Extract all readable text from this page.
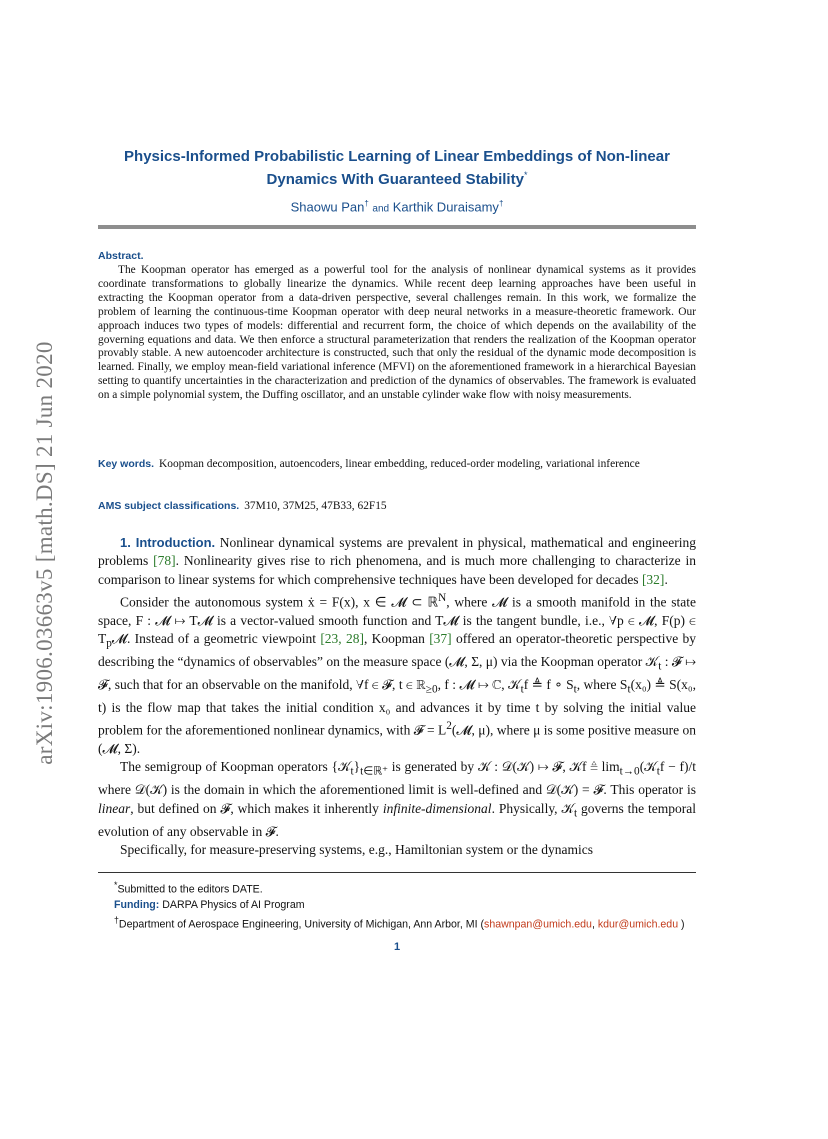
arXiv:1906.03663v5 [math.DS] 21 Jun 2020
Physics-Informed Probabilistic Learning of Linear Embeddings of Non-linear
Dynamics With Guaranteed Stability*
Shaowu Pan† and Karthik Duraisamy†
Abstract.

The Koopman operator has emerged as a powerful tool for the analysis of nonlinear dynamical systems as it provides coordinate transformations to globally linearize the dynamics. While recent deep learning approaches have been useful in extracting the Koopman operator from a data-driven perspective, several challenges remain. In this work, we formalize the problem of learning the continuous-time Koopman operator with deep neural networks in a measure-theoretic framework. Our approach induces two types of models: differential and recurrent form, the choice of which depends on the availability of the governing equations and data. We then enforce a structural parameterization that renders the realization of the Koopman operator provably stable. A new autoencoder architecture is constructed, such that only the residual of the dynamic mode decomposition is learned. Finally, we employ mean-field variational inference (MFVI) on the aforementioned framework in a hierarchical Bayesian setting to quantify uncertainties in the characterization and prediction of the dynamics of observables. The framework is evaluated on a simple polynomial system, the Duffing oscillator, and an unstable cylinder wake flow with noisy measurements.

Key words. Koopman decomposition, autoencoders, linear embedding, reduced-order modeling, variational inference
AMS subject classifications. 37M10, 37M25, 47B33, 62F15

1. Introduction. Nonlinear dynamical systems are prevalent in physical, mathematical and engineering problems [78]. Nonlinearity gives rise to rich phenomena, and is much more challenging to characterize in comparison to linear systems for which comprehensive techniques have been developed for decades [32].

Consider the autonomous system ẋ = F(x), x ∈ 𝓜 ⊂ ℝ$^N$, where 𝓜 is a smooth manifold in the state space, F : 𝓜 ↦ T𝓜 is a vector-valued smooth function and T𝓜 is the tangent bundle, i.e., ∀p ∈ 𝓜, F(p) ∈ $T_p𝓜$. Instead of a geometric viewpoint [23, 28], Koopman [37] offered an operator-theoretic perspective by describing the “dynamics of observables” on the measure space (𝓜, Σ, μ) via the Koopman operator 𝒦$_t$ : 𝓕 ↦ 𝓕, such that for an observable on the manifold, ∀f ∈ 𝓕, t ∈ ℝ$_{\ge 0}$, f : 𝓜 ↦ ℂ, 𝒦$_t$f ≜ f ∘ $S_t$, where $S_t(x_0)$ ≜ S(x₀, t) is the flow map that takes the initial condition x₀ and advances it by time t by solving the initial value problem for the aforementioned nonlinear dynamics, with 𝓕 = $L^2(𝓜$, μ), where μ is some positive measure on (𝓜, Σ).

The semigroup of Koopman operators $\{𝒦_t\}_{t\in ℝ^+}$ is generated by 𝒦 : 𝒟(𝒦) ↦ 𝓕, 𝒦f ≜ $\lim_{t\to 0}(𝒦_tf - f)/t$ where 𝒟(𝒦) is the domain in which the aforementioned limit is well-defined and 𝒟(𝒦) = 𝓕. This operator is linear, but defined on 𝓕, which makes it inherently infinite-dimensional. Physically, 𝒦$_t$ governs the temporal evolution of any observable in 𝓕.

Specifically, for measure-preserving systems, e.g., Hamiltonian system or the dynamics

*Submitted to the editors DATE.

Funding: DARPA Physics of AI Program

†Department of Aerospace Engineering, University of Michigan, Ann Arbor, MI (shawnpan@umich.edu, kdur@umich.edu )

1
